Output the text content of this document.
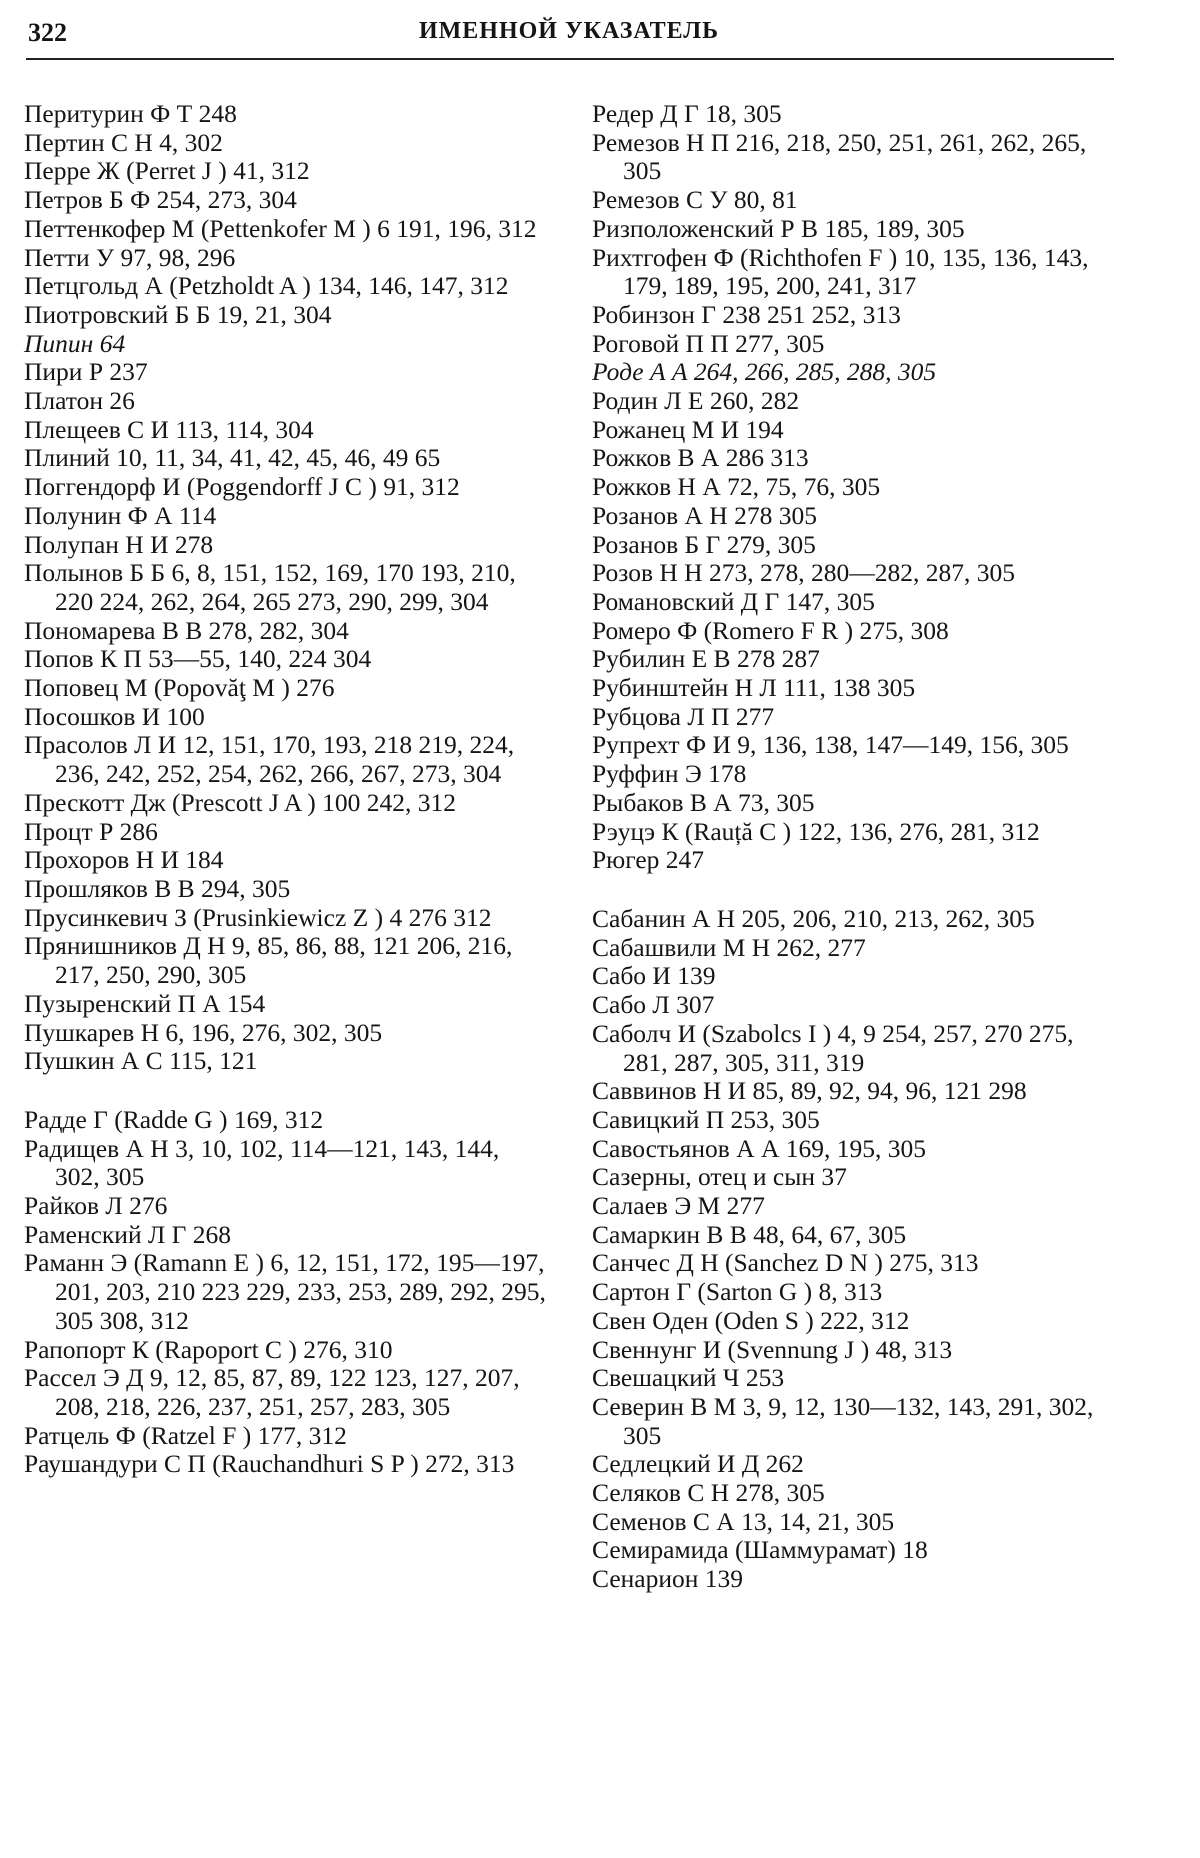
322	ИМЕННОЙ УКАЗАТЕЛЬ

Перитурин Ф Т 248

Пертин С Н 4, 302

Перре Ж (Perret J ) 41, 312

Петров Б Ф 254, 273, 304

Петтенкофер М (Pettenkofer M ) 6 191, 196, 312

Петти У 97, 98, 296

Петцгольд А (Petzholdt A ) 134, 146, 147, 312

Пиотровский Б Б 19, 21, 304

Пипин 64

Пири Р 237

Платон 26

Плещеев С И 113, 114, 304

Плиний 10, 11, 34, 41, 42, 45, 46, 49 65

Поггендорф И (Poggendorff J C ) 91, 312

Полунин Ф А 114

Полупан Н И 278

Полынов Б Б 6, 8, 151, 152, 169, 170 193, 210, 220 224, 262, 264, 265 273, 290, 299, 304

Пономарева В В 278, 282, 304

Попов К П 53—55, 140, 224 304

Поповец М (Popovăţ M ) 276

Посошков И 100

Прасолов Л И 12, 151, 170, 193, 218 219, 224, 236, 242, 252, 254, 262, 266, 267, 273, 304

Прескотт Дж (Prescott J A ) 100 242, 312

Процт Р 286

Прохоров Н И 184

Прошляков В В 294, 305

Прусинкевич З (Prusinkiewicz Z ) 4 276 312

Прянишников Д Н 9, 85, 86, 88, 121 206, 216, 217, 250, 290, 305

Пузыренский П А 154

Пушкарев Н 6, 196, 276, 302, 305

Пушкин А С 115, 121

Радде Г (Radde G ) 169, 312

Радищев А Н 3, 10, 102, 114—121, 143, 144, 302, 305

Райков Л 276

Раменский Л Г 268

Раманн Э (Ramann E ) 6, 12, 151, 172, 195—197, 201, 203, 210 223 229, 233, 253, 289, 292, 295, 305 308, 312

Рапопорт К (Rapoport C ) 276, 310

Рассел Э Д 9, 12, 85, 87, 89, 122 123, 127, 207, 208, 218, 226, 237, 251, 257, 283, 305

Ратцель Ф (Ratzel F ) 177, 312

Раушандури С П (Rauchandhuri S P ) 272, 313

Редер Д Г 18, 305

Ремезов Н П 216, 218, 250, 251, 261, 262, 265, 305

Ремезов С У 80, 81

Ризположенский Р В 185, 189, 305

Рихтгофен Ф (Richthofen F ) 10, 135, 136, 143, 179, 189, 195, 200, 241, 317

Робинзон Г 238 251 252, 313

Роговой П П 277, 305

Роде А А 264, 266, 285, 288, 305

Родин Л Е 260, 282

Рожанец М И 194

Рожков В А 286 313

Рожков Н А 72, 75, 76, 305

Розанов А Н 278 305

Розанов Б Г 279, 305

Розов Н Н 273, 278, 280—282, 287, 305

Романовский Д Г 147, 305

Ромеро Ф (Romero F R ) 275, 308

Рубилин Е В 278 287

Рубинштейн Н Л 111, 138 305

Рубцова Л П 277

Рупрехт Ф И 9, 136, 138, 147—149, 156, 305

Руффин Э 178

Рыбаков В А 73, 305

Рэуцэ К (Rauță C ) 122, 136, 276, 281, 312

Рюгер 247

Сабанин А Н 205, 206, 210, 213, 262, 305

Сабашвили М Н 262, 277

Сабо И 139

Сабо Л 307

Саболч И (Szabolcs I ) 4, 9 254, 257, 270 275, 281, 287, 305, 311, 319

Саввинов Н И 85, 89, 92, 94, 96, 121 298

Савицкий П 253, 305

Савостьянов А А 169, 195, 305

Сазерны, отец и сын 37

Салаев Э М 277

Самаркин В В 48, 64, 67, 305

Санчес Д Н (Sanchez D N ) 275, 313

Сартон Г (Sarton G ) 8, 313

Свен Оден (Oden S ) 222, 312

Свеннунг И (Svennung J ) 48, 313

Свешацкий Ч 253

Северин В М 3, 9, 12, 130—132, 143, 291, 302, 305

Седлецкий И Д 262

Селяков С Н 278, 305

Семенов С А 13, 14, 21, 305

Семирамида (Шаммурамат) 18

Сенарион 139
